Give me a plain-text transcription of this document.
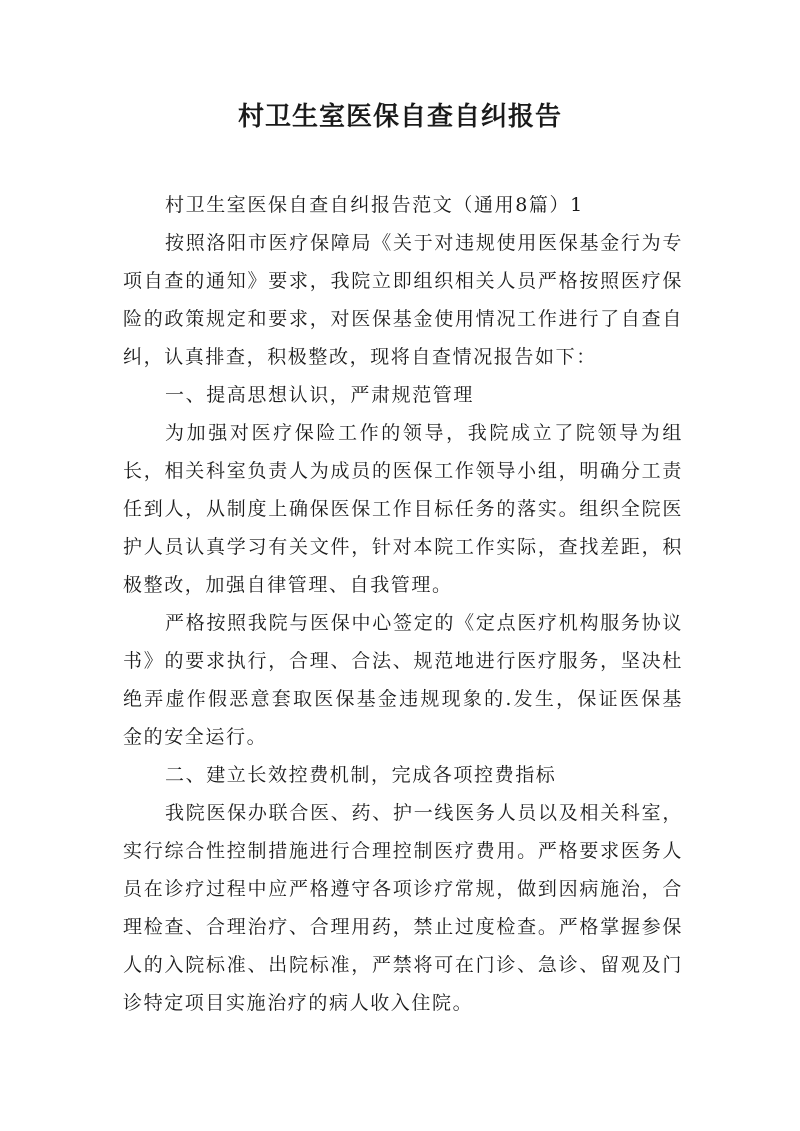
村卫生室医保自查自纠报告

村卫生室医保自查自纠报告范文（通用8篇）1

按照洛阳市医疗保障局《关于对违规使用医保基金行为专项自查的通知》要求，我院立即组织相关人员严格按照医疗保险的政策规定和要求，对医保基金使用情况工作进行了自查自纠，认真排查，积极整改，现将自查情况报告如下：

一、提高思想认识，严肃规范管理

为加强对医疗保险工作的领导，我院成立了院领导为组长，相关科室负责人为成员的医保工作领导小组，明确分工责任到人，从制度上确保医保工作目标任务的落实。组织全院医护人员认真学习有关文件，针对本院工作实际，查找差距，积极整改，加强自律管理、自我管理。

严格按照我院与医保中心签定的《定点医疗机构服务协议书》的要求执行，合理、合法、规范地进行医疗服务，坚决杜绝弄虚作假恶意套取医保基金违规现象的.发生，保证医保基金的安全运行。

二、建立长效控费机制，完成各项控费指标

我院医保办联合医、药、护一线医务人员以及相关科室，实行综合性控制措施进行合理控制医疗费用。严格要求医务人员在诊疗过程中应严格遵守各项诊疗常规，做到因病施治，合理检查、合理治疗、合理用药，禁止过度检查。严格掌握参保人的入院标准、出院标准，严禁将可在门诊、急诊、留观及门诊特定项目实施治疗的病人收入住院。
